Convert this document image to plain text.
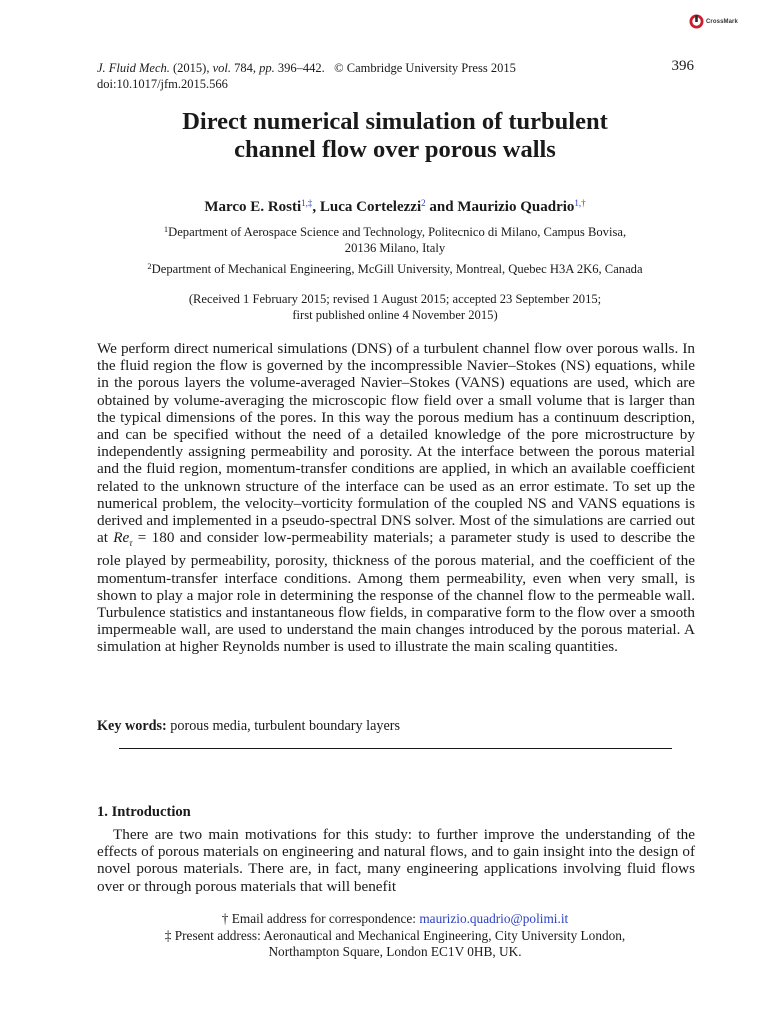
CrossMark
J. Fluid Mech. (2015), vol. 784, pp. 396–442. © Cambridge University Press 2015
doi:10.1017/jfm.2015.566
396
Direct numerical simulation of turbulent
channel flow over porous walls
Marco E. Rosti$^{1,\ddagger}$, Luca Cortelezzi$^2$ and Maurizio Quadrio$^{1,\dagger}$
$^1$Department of Aerospace Science and Technology, Politecnico di Milano, Campus Bovisa,
20136 Milano, Italy
$^2$Department of Mechanical Engineering, McGill University, Montreal, Quebec H3A 2K6, Canada
(Received 1 February 2015; revised 1 August 2015; accepted 23 September 2015;
first published online 4 November 2015)
We perform direct numerical simulations (DNS) of a turbulent channel flow over porous walls. In the fluid region the flow is governed by the incompressible Navier–Stokes (NS) equations, while in the porous layers the volume-averaged Navier–Stokes (VANS) equations are used, which are obtained by volume-averaging the microscopic flow field over a small volume that is larger than the typical dimensions of the pores. In this way the porous medium has a continuum description, and can be specified without the need of a detailed knowledge of the pore microstructure by independently assigning permeability and porosity. At the interface between the porous material and the fluid region, momentum-transfer conditions are applied, in which an available coefficient related to the unknown structure of the interface can be used as an error estimate. To set up the numerical problem, the velocity–vorticity formulation of the coupled NS and VANS equations is derived and implemented in a pseudo-spectral DNS solver. Most of the simulations are carried out at $Re_\tau = 180$ and consider low-permeability materials; a parameter study is used to describe the role played by permeability, porosity, thickness of the porous material, and the coefficient of the momentum-transfer interface conditions. Among them permeability, even when very small, is shown to play a major role in determining the response of the channel flow to the permeable wall. Turbulence statistics and instantaneous flow fields, in comparative form to the flow over a smooth impermeable wall, are used to understand the main changes introduced by the porous material. A simulation at higher Reynolds number is used to illustrate the main scaling quantities.
Key words: porous media, turbulent boundary layers
1. Introduction
There are two main motivations for this study: to further improve the understanding of the effects of porous materials on engineering and natural flows, and to gain insight into the design of novel porous materials. There are, in fact, many engineering applications involving fluid flows over or through porous materials that will benefit
† Email address for correspondence: maurizio.quadrio@polimi.it
‡ Present address: Aeronautical and Mechanical Engineering, City University London,
Northampton Square, London EC1V 0HB, UK.
